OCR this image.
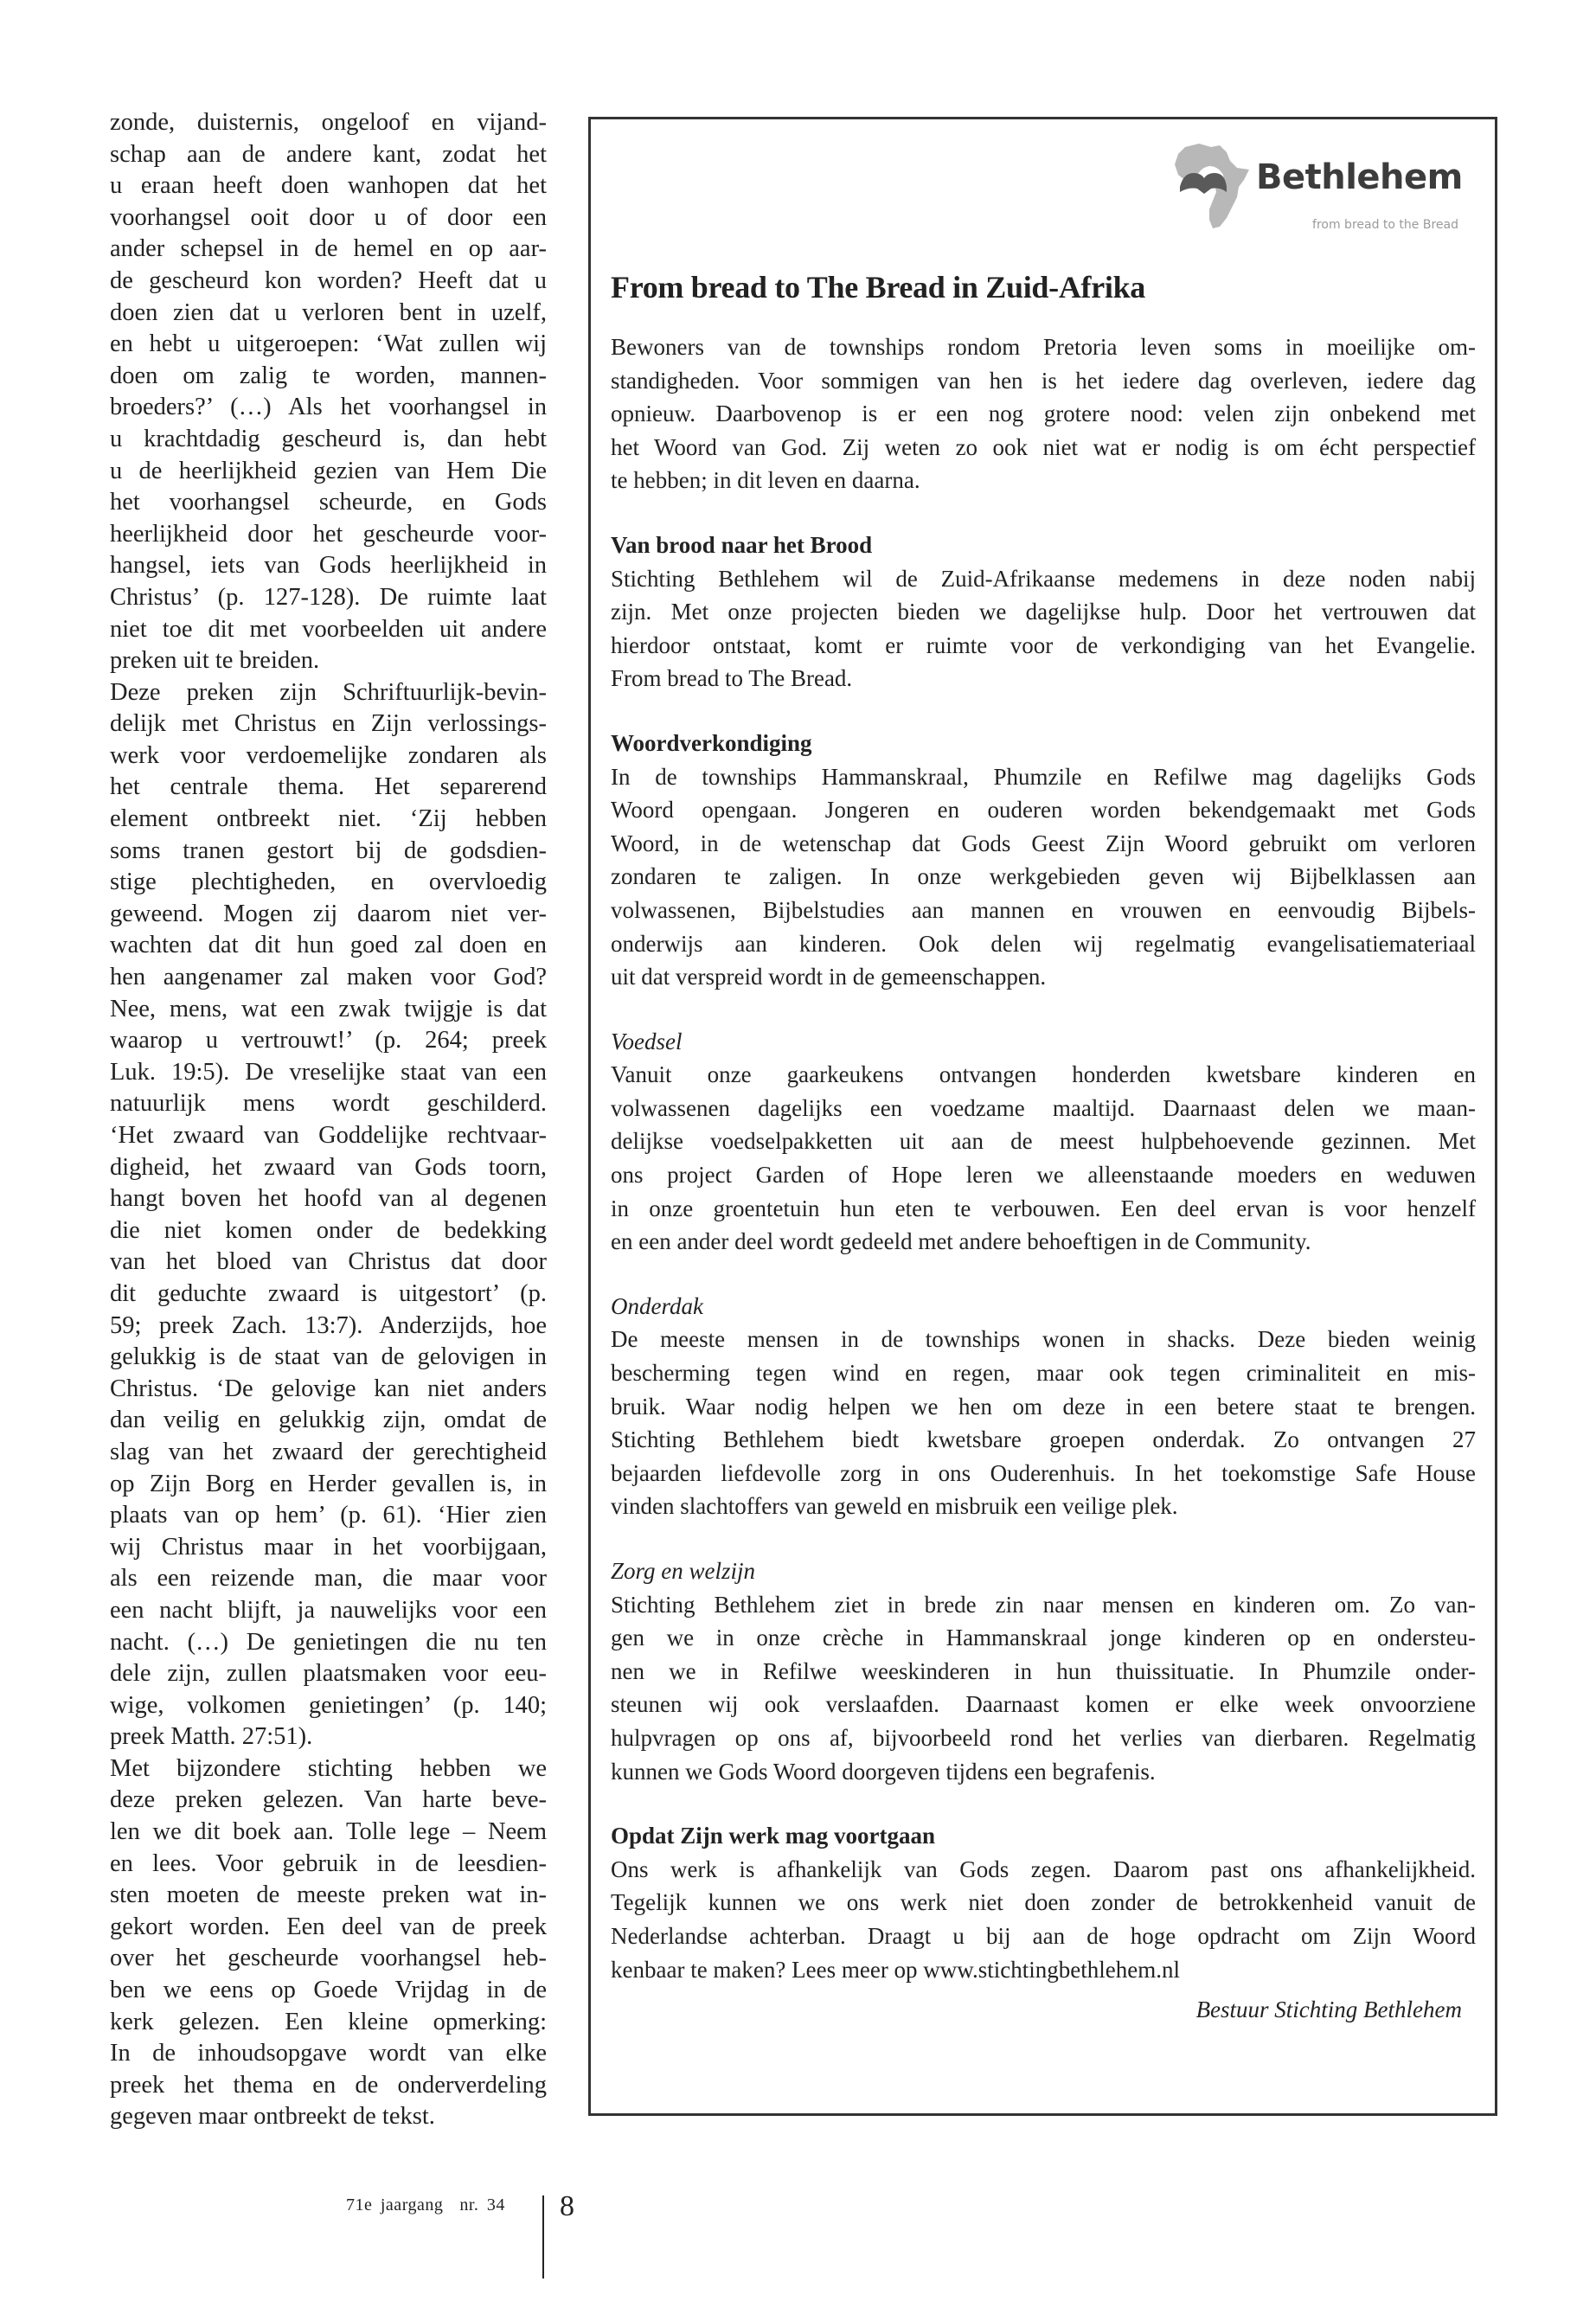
zonde, duisternis, ongeloof en vijand-
schap aan de andere kant, zodat het
u eraan heeft doen wanhopen dat het
voorhangsel ooit door u of door een
ander schepsel in de hemel en op aar-
de gescheurd kon worden? Heeft dat u
doen zien dat u verloren bent in uzelf,
en hebt u uitgeroepen: ‘Wat zullen wij
doen om zalig te worden, mannen-
broeders?’ (…) Als het voorhangsel in
u krachtdadig gescheurd is, dan hebt
u de heerlijkheid gezien van Hem Die
het voorhangsel scheurde, en Gods
heerlijkheid door het gescheurde voor-
hangsel, iets van Gods heerlijkheid in
Christus’ (p. 127-128). De ruimte laat
niet toe dit met voorbeelden uit andere
preken uit te breiden.
Deze preken zijn Schriftuurlijk-bevin-
delijk met Christus en Zijn verlossings-
werk voor verdoemelijke zondaren als
het centrale thema. Het separerend
element ontbreekt niet. ‘Zij hebben
soms tranen gestort bij de godsdien-
stige plechtigheden, en overvloedig
geweend. Mogen zij daarom niet ver-
wachten dat dit hun goed zal doen en
hen aangenamer zal maken voor God?
Nee, mens, wat een zwak twijgje is dat
waarop u vertrouwt!’ (p. 264; preek
Luk. 19:5). De vreselijke staat van een
natuurlijk mens wordt geschilderd.
‘Het zwaard van Goddelijke rechtvaar-
digheid, het zwaard van Gods toorn,
hangt boven het hoofd van al degenen
die niet komen onder de bedekking
van het bloed van Christus dat door
dit geduchte zwaard is uitgestort’ (p.
59; preek Zach. 13:7). Anderzijds, hoe
gelukkig is de staat van de gelovigen in
Christus. ‘De gelovige kan niet anders
dan veilig en gelukkig zijn, omdat de
slag van het zwaard der gerechtigheid
op Zijn Borg en Herder gevallen is, in
plaats van op hem’ (p. 61). ‘Hier zien
wij Christus maar in het voorbijgaan,
als een reizende man, die maar voor
een nacht blijft, ja nauwelijks voor een
nacht. (…) De genietingen die nu ten
dele zijn, zullen plaatsmaken voor eeu-
wige, volkomen genietingen’ (p. 140;
preek Matth. 27:51).
Met bijzondere stichting hebben we
deze preken gelezen. Van harte beve-
len we dit boek aan. Tolle lege – Neem
en lees. Voor gebruik in de leesdien-
sten moeten de meeste preken wat in-
gekort worden. Een deel van de preek
over het gescheurde voorhangsel heb-
ben we eens op Goede Vrijdag in de
kerk gelezen. Een kleine opmerking:
In de inhoudsopgave wordt van elke
preek het thema en de onderverdeling
gegeven maar ontbreekt de tekst.
Bethlehem
from bread to the Bread
From bread to The Bread in Zuid-Afrika
Bewoners van de townships rondom Pretoria leven soms in moeilijke om-
standigheden. Voor sommigen van hen is het iedere dag overleven, iedere dag
opnieuw. Daarbovenop is er een nog grotere nood: velen zijn onbekend met
het Woord van God. Zij weten zo ook niet wat er nodig is om écht perspectief
te hebben; in dit leven en daarna.
Van brood naar het Brood
Stichting Bethlehem wil de Zuid-Afrikaanse medemens in deze noden nabij
zijn. Met onze projecten bieden we dagelijkse hulp. Door het vertrouwen dat
hierdoor ontstaat, komt er ruimte voor de verkondiging van het Evangelie.
From bread to The Bread.
Woordverkondiging
In de townships Hammanskraal, Phumzile en Refilwe mag dagelijks Gods
Woord opengaan. Jongeren en ouderen worden bekendgemaakt met Gods
Woord, in de wetenschap dat Gods Geest Zijn Woord gebruikt om verloren
zondaren te zaligen. In onze werkgebieden geven wij Bijbelklassen aan
volwassenen, Bijbelstudies aan mannen en vrouwen en eenvoudig Bijbels-
onderwijs aan kinderen. Ook delen wij regelmatig evangelisatiemateriaal
uit dat verspreid wordt in de gemeenschappen.
Voedsel
Vanuit onze gaarkeukens ontvangen honderden kwetsbare kinderen en
volwassenen dagelijks een voedzame maaltijd. Daarnaast delen we maan-
delijkse voedselpakketten uit aan de meest hulpbehoevende gezinnen. Met
ons project Garden of Hope leren we alleenstaande moeders en weduwen
in onze groentetuin hun eten te verbouwen. Een deel ervan is voor henzelf
en een ander deel wordt gedeeld met andere behoeftigen in de Community.
Onderdak
De meeste mensen in de townships wonen in shacks. Deze bieden weinig
bescherming tegen wind en regen, maar ook tegen criminaliteit en mis-
bruik. Waar nodig helpen we hen om deze in een betere staat te brengen.
Stichting Bethlehem biedt kwetsbare groepen onderdak. Zo ontvangen 27
bejaarden liefdevolle zorg in ons Ouderenhuis. In het toekomstige Safe House
vinden slachtoffers van geweld en misbruik een veilige plek.
Zorg en welzijn
Stichting Bethlehem ziet in brede zin naar mensen en kinderen om. Zo van-
gen we in onze crèche in Hammanskraal jonge kinderen op en ondersteu-
nen we in Refilwe weeskinderen in hun thuissituatie. In Phumzile onder-
steunen wij ook verslaafden. Daarnaast komen er elke week onvoorziene
hulpvragen op ons af, bijvoorbeeld rond het verlies van dierbaren. Regelmatig
kunnen we Gods Woord doorgeven tijdens een begrafenis.
Opdat Zijn werk mag voortgaan
Ons werk is afhankelijk van Gods zegen. Daarom past ons afhankelijkheid.
Tegelijk kunnen we ons werk niet doen zonder de betrokkenheid vanuit de
Nederlandse achterban. Draagt u bij aan de hoge opdracht om Zijn Woord
kenbaar te maken? Lees meer op www.stichtingbethlehem.nl
Bestuur Stichting Bethlehem
71e jaargang  nr. 34 8
